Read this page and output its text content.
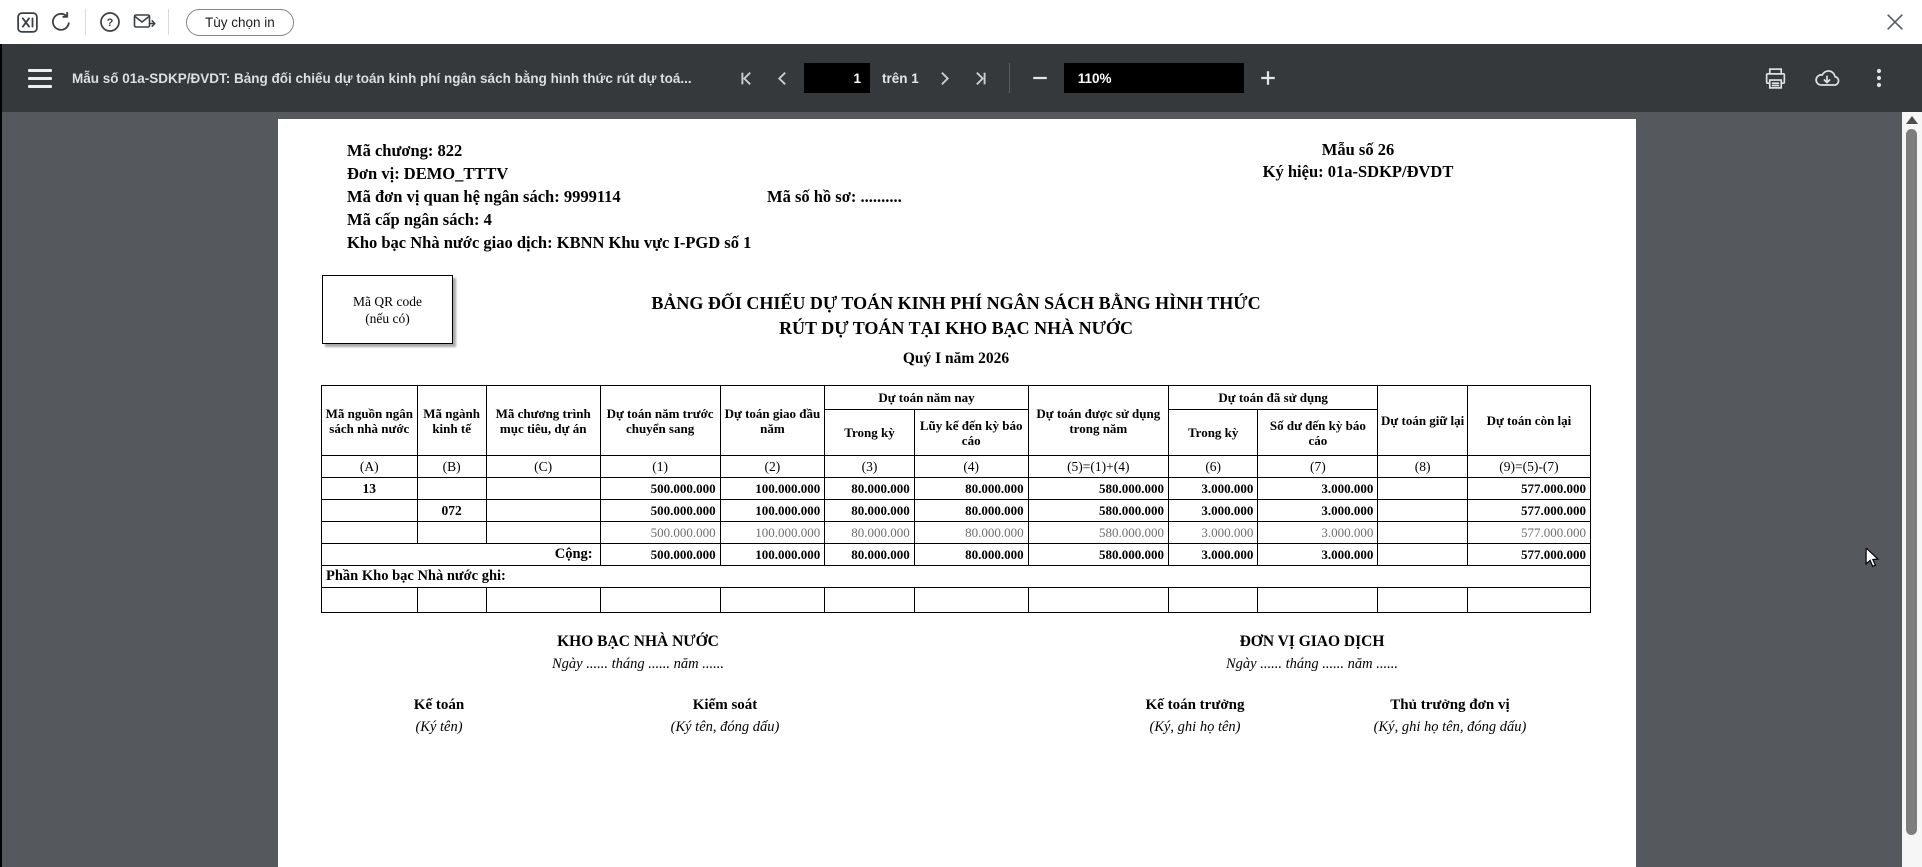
?	Tùy chọn in
Mẫu số 01a-SDKP/ĐVDT: Bảng đối chiếu dự toán kinh phí ngân sách bằng hình thức rút dự toá...	1	trên 1	110%
Mã chương: 822
Đơn vị: DEMO_TTTV
Mã đơn vị quan hệ ngân sách: 9999114	Mã số hồ sơ: ..........
Mã cấp ngân sách: 4
Kho bạc Nhà nước giao dịch: KBNN Khu vực I-PGD số 1
Mẫu số 26
Ký hiệu: 01a-SDKP/ĐVDT
Mã QR code
(nếu có)
BẢNG ĐỐI CHIẾU DỰ TOÁN KINH PHÍ NGÂN SÁCH BẰNG HÌNH THỨC
RÚT DỰ TOÁN TẠI KHO BẠC NHÀ NƯỚC
Quý I năm 2026
Mã nguồn ngân sách nhà nước	Mã ngành kinh tế	Mã chương trình mục tiêu, dự án	Dự toán năm trước chuyển sang	Dự toán giao đầu năm	Dự toán năm nay		Dự toán được sử dụng trong năm	Dự toán đã sử dụng		Dự toán giữ lại	Dự toán còn lại
					Trong kỳ	Lũy kế đến kỳ báo cáo		Trong kỳ	Số dư đến kỳ báo cáo		
(A)	(B)	(C)	(1)	(2)	(3)	(4)	(5)=(1)+(4)	(6)	(7)	(8)	(9)=(5)-(7)
13			500.000.000	100.000.000	80.000.000	80.000.000	580.000.000	3.000.000	3.000.000		577.000.000
	072		500.000.000	100.000.000	80.000.000	80.000.000	580.000.000	3.000.000	3.000.000		577.000.000
			500.000.000	100.000.000	80.000.000	80.000.000	580.000.000	3.000.000	3.000.000		577.000.000
Cộng:			500.000.000	100.000.000	80.000.000	80.000.000	580.000.000	3.000.000	3.000.000		577.000.000
Phần Kho bạc Nhà nước ghi:											

KHO BẠC NHÀ NƯỚC
Ngày ...... tháng ...... năm ......
Kế toán
(Ký tên)
Kiểm soát
(Ký tên, đóng dấu)
ĐƠN VỊ GIAO DỊCH
Ngày ...... tháng ...... năm ......
Kế toán trưởng
(Ký, ghi họ tên)
Thủ trưởng đơn vị
(Ký, ghi họ tên, đóng dấu)
